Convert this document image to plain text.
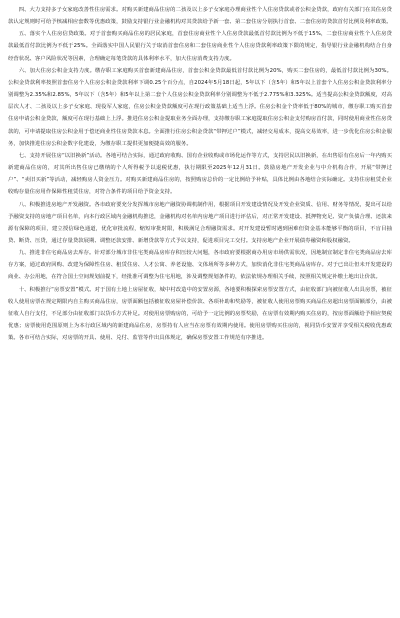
四、大力支持多子女家庭改善性住房需求。对购买新建商品住房的二孩及以上多子女家庭办理商业性个人住房贷款或者公积金贷款，政府有关部门在其住房贷款认定规则时可给予核减相应套数等优惠政策，鼓励支持银行业金融机构对其贷款给予新一套、第二套住房分别执行首套、二套住房的贷款首付比例及利率政策。

五、落实个人住房信贷政策。对于首套购买商品住房的居民家庭，首套住房商业性个人住房贷款最低首付款比例为不低于15%，二套住房商业性个人住房贷款最低首付款比例为不低于25%。全面落实中国人民银行关于取消首套住房和二套住房商业性个人住房贷款利率政策下限的规定，指导银行业金融机构结合自身经营状况、客户风险状况等因素，合理确定每笔贷款的具体利率水平，加大住房消费支持力度。

六、加大住房公积金支持力度。缴存职工家庭购买首套新建商品住房，首套公积金贷款最低首付款比例为20%，购买二套住房的，最低首付款比例为30%。公积金贷款利率按照首套住房个人住房公积金贷款利率下调0.25个百分点，自2024年5月18日起，5年以下（含5年）和5年以上首套个人住房公积金贷款利率分别调整为2.35%和2.85%，5年以下（含5年）和5年以上第二套个人住房公积金贷款利率分别调整为不低于2.775%和3.325%。适当提高公积金贷款额度，对高层次人才、二孩及以上多子女家庭、现役军人家庭，住房公积金贷款额度可在现行政策基础上适当上浮。住房公积金个贷率低于80%的城市，缴存职工购买首套住房申请公积金贷款，额度可在现行基础上上浮。推进住房公积金提取业务全面办理，支持缴存职工家庭提取住房公积金支付购房首付款，同时使用商业性住房贷款的，可申请提取住房公积金用于偿还商业性住房贷款本息。全面推行住房公积金贷款“带押过户”模式，减轻交易成本，提高交易效率，进一步优化住房公积金服务，加快推进住房公积金数字化建设，为缴存职工提供更加便捷高效的服务。

七、支持开展住房“以旧换新”活动。各地可结合实际，通过政府收购、国有企业收购或市场化运作等方式，支持居民以旧换新，在出售原有住房后一年内购买新建商品住房的，对其所出售住房已缴纳的个人所得税予以退税优惠，执行期限至2025年12月31日。鼓励房地产开发企业与中介机构合作，开展“带押过户”、“卖旧买新”等活动，减轻购房人资金压力。对购买新建商品住房的，按照购房总价的一定比例给予补贴，具体比例由各地结合实际确定。支持住房租赁企业收购存量住房用作保障性租赁住房，对符合条件的项目给予资金支持。

八、积极推进房地产开发融资。各市政府要充分发挥城市房地产融资协调机制作用，根据项目开发建设情况及开发企业资质、信用、财务等情况，提出可以给予融资支持的房地产项目名单，向本行政区域内金融机构推送，金融机构对名单内房地产项目进行评估后，对正常开发建设、抵押物充足、资产负债合理、还款来源有保障的项目，建立授信绿色通道，优化审批流程，缩短审批时限，积极满足合理融资需求。对开发建设暂时遇到困难但资金基本能够平衡的项目，不盲目抽贷、断贷、压贷，通过存量贷款展期、调整还款安排、新增贷款等方式予以支持，促进项目完工交付。支持房地产企业开展债券融资和股权融资。

九、推进非住宅商品房去库存。针对部分城市非住宅类商品房库存积压较大问题，各市政府要根据商办用房市场供需状况，因地制宜制定非住宅类商品房去库存方案，通过政府回购、改建为保障性住房、租赁住房、人才公寓、养老设施、文体场所等多种方式，加快消化非住宅类商品房库存。对于已出让但未开发建设的商业、办公用地，在符合国土空间规划前提下，经批准可调整为住宅用地，涉及调整规划条件的，依法依规办理相关手续，按照相关规定补缴土地出让价款。

十、积极推行“房票安置”模式。对于国有土地上房屋征收，城中村改造中的安置房源，各地要积极探索房票安置方式，由征收部门向被征收人出具房票，被征收人使用房票在规定期限内自主购买商品住房，房票面额包括被征收房屋补偿价款、各项补助和奖励等，被征收人使用房票购买商品住房超出房票面额部分，由被征收人自行支付，不足部分由征收部门以货币方式补足。对使用房票购房的，可给予一定比例的房票奖励，在房票有效期内购买住房的，按房票面额给予相应契税优惠；房票使用范围原则上为本行政区域内的新建商品住房，房票持有人应当在房票有效期内使用。使用房票购买住房的，视同货币安置并享受相关税收优惠政策。各市可结合实际，对房票的开具、使用、兑付、监管等作出具体规定，确保房票安置工作规范有序推进。
